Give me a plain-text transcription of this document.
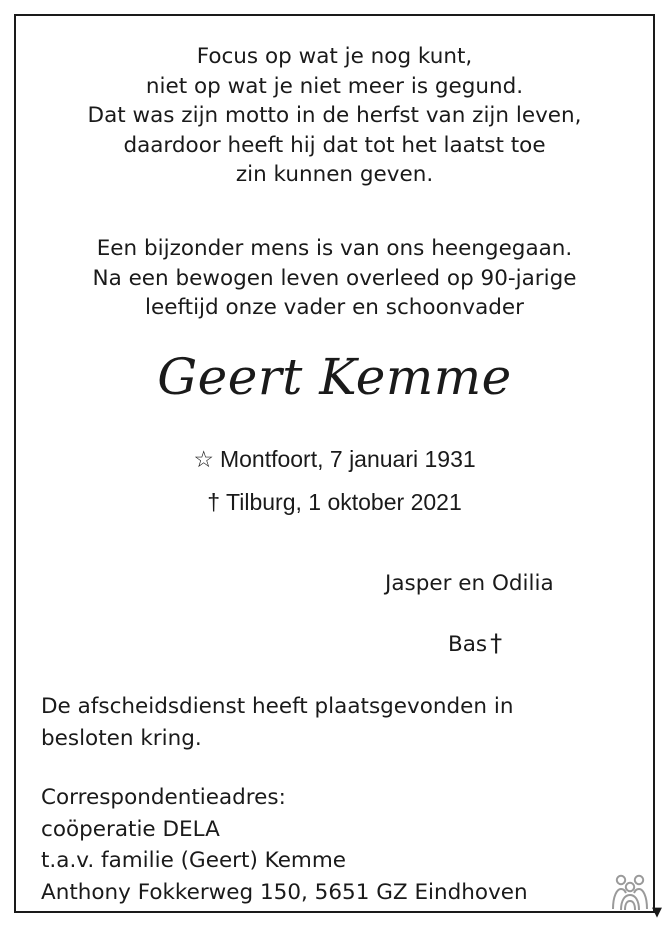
Focus op wat je nog kunt,
niet op wat je niet meer is gegund.
Dat was zijn motto in de herfst van zijn leven,
daardoor heeft hij dat tot het laatst toe
zin kunnen geven.
Een bijzonder mens is van ons heengegaan.
Na een bewogen leven overleed op 90-jarige
leeftijd onze vader en schoonvader
Geert Kemme
☆ Montfoort, 7 januari 1931
† Tilburg, 1 oktober 2021
Jasper en Odilia
Bas †
De afscheidsdienst heeft plaatsgevonden in
besloten kring.
Correspondentieadres:
coöperatie DELA
t.a.v. familie (Geert) Kemme
Anthony Fokkerweg 150, 5651 GZ Eindhoven
▼
